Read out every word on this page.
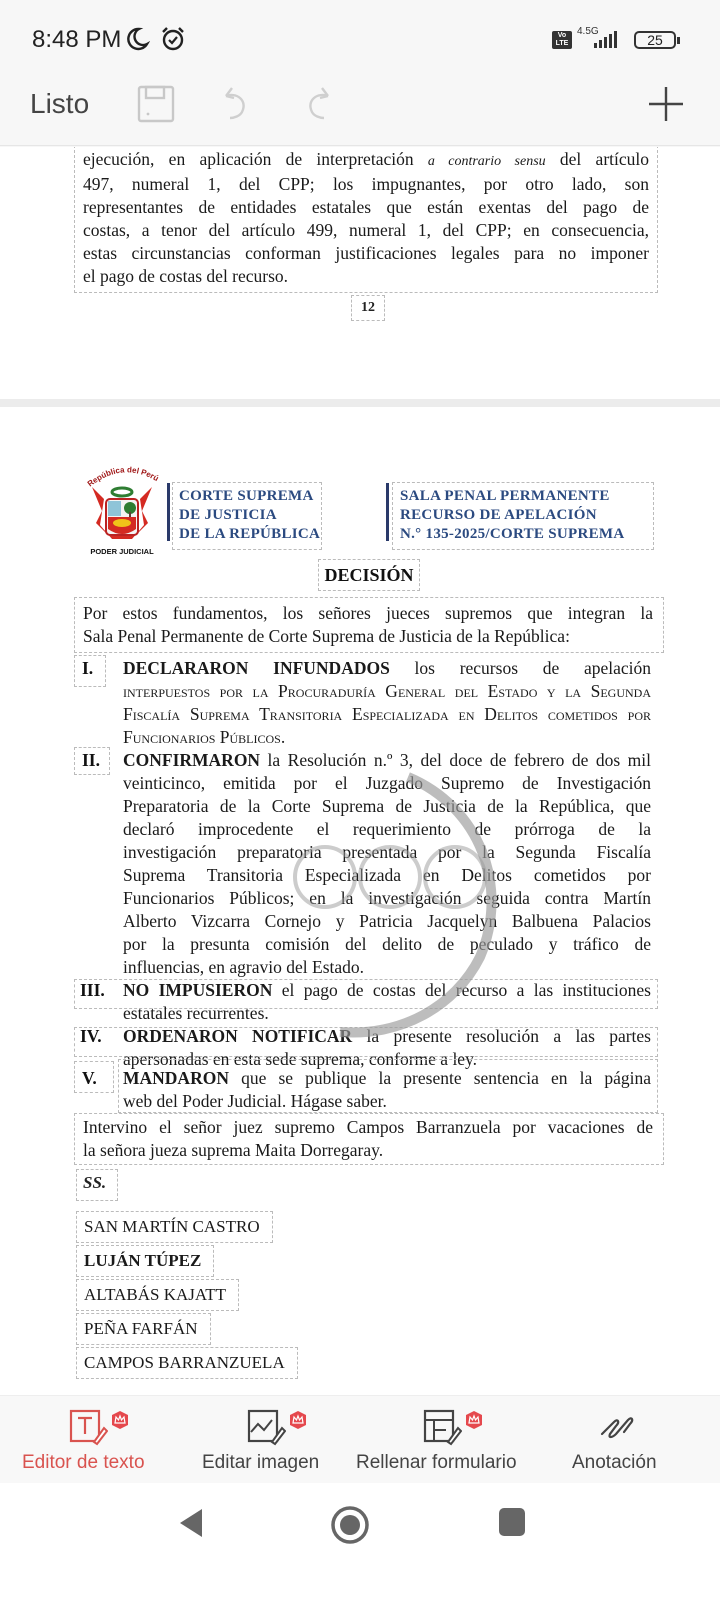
8:48 PM	Vo LTE
4.5G
25
Listo
ejecución, en aplicación de interpretación a contrario sensu del artículo
497, numeral 1, del CPP; los impugnantes, por otro lado, son
representantes de entidades estatales que están exentas del pago de
costas, a tenor del artículo 499, numeral 1, del CPP; en consecuencia,
estas circunstancias conforman justificaciones legales para no imponer
el pago de costas del recurso.
12
República del Perú
PODER JUDICIAL
CORTE SUPREMA
DE JUSTICIA
DE LA REPÚBLICA
SALA PENAL PERMANENTE
RECURSO DE APELACIÓN
N.° 135-2025/CORTE SUPREMA
DECISIÓN
Por estos fundamentos, los señores jueces supremos que integran la
Sala Penal Permanente de Corte Suprema de Justicia de la República:
I. DECLARARON INFUNDADOS los recursos de apelación
interpuestos por la Procuraduría General del Estado y la Segunda
Fiscalía Suprema Transitoria Especializada en Delitos cometidos por
Funcionarios Públicos.
II. CONFIRMARON la Resolución n.º 3, del doce de febrero de dos mil
veinticinco, emitida por el Juzgado Supremo de Investigación
Preparatoria de la Corte Suprema de Justicia de la República, que
declaró improcedente el requerimiento de prórroga de la
investigación preparatoria presentada por la Segunda Fiscalía
Suprema Transitoria Especializada en Delitos cometidos por
Funcionarios Públicos; en la investigación seguida contra Martín
Alberto Vizcarra Cornejo y Patricia Jacquelyn Balbuena Palacios
por la presunta comisión del delito de peculado y tráfico de
influencias, en agravio del Estado.
III. NO IMPUSIERON el pago de costas del recurso a las instituciones
estatales recurrentes.
IV. ORDENARON NOTIFICAR la presente resolución a las partes
apersonadas en esta sede suprema, conforme a ley.
V. MANDARON que se publique la presente sentencia en la página
web del Poder Judicial. Hágase saber.
Intervino el señor juez supremo Campos Barranzuela por vacaciones de
la señora jueza suprema Maita Dorregaray.
SS.
SAN MARTÍN CASTRO
LUJÁN TÚPEZ
ALTABÁS KAJATT
PEÑA FARFÁN
CAMPOS BARRANZUELA
Editor de texto	Editar imagen Rellenar formulario	Anotación
